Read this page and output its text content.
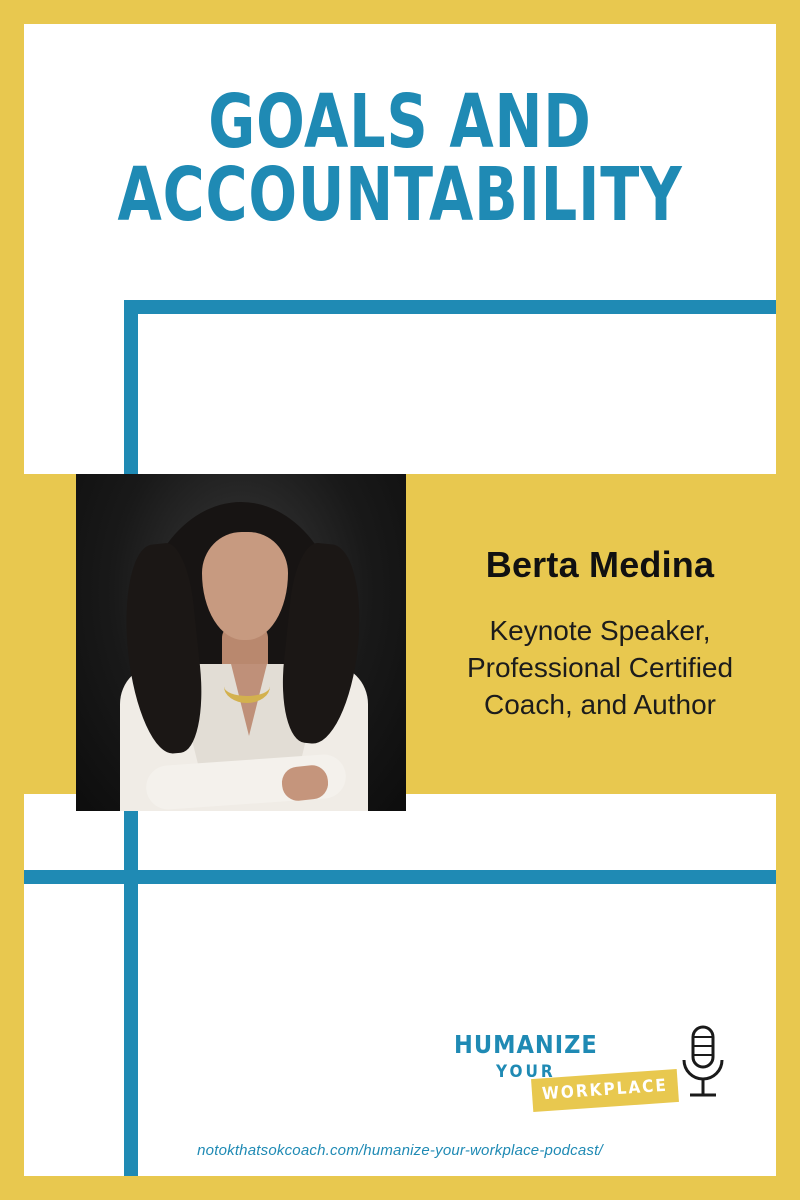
GOALS AND
ACCOUNTABILITY

Berta Medina

Keynote Speaker,
Professional Certified
Coach, and Author

HUMANIZE
YOUR
WORKPLACE
notokthatsokcoach.com/humanize-your-workplace-podcast/
